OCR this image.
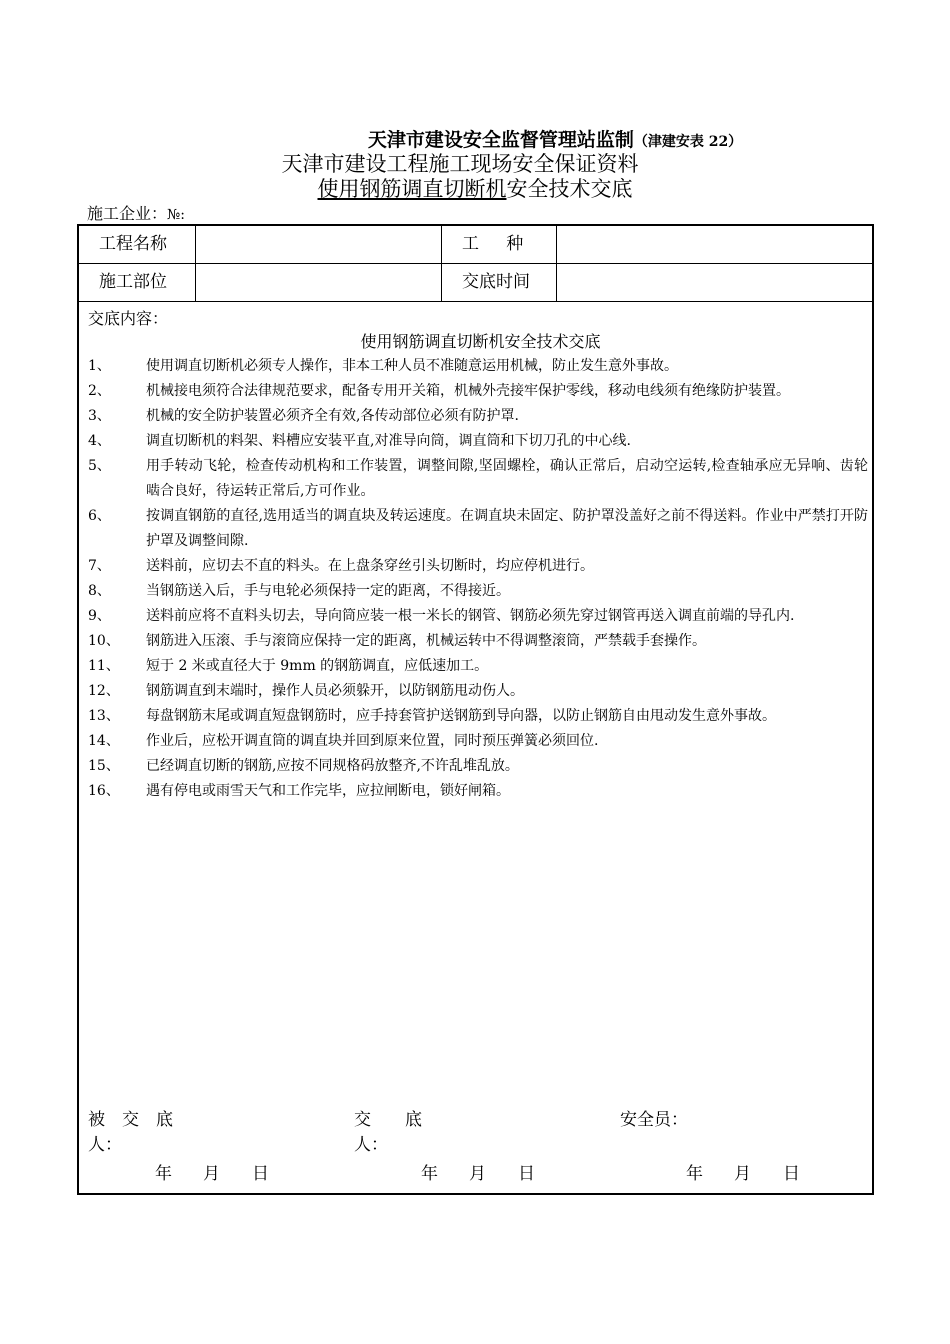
天津市建设安全监督管理站监制（津建安表 22）
天津市建设工程施工现场安全保证资料
使用钢筋调直切断机安全技术交底
施工企业：№:
工程名称	工种
施工部位	交底时间
交底内容：
使用钢筋调直切断机安全技术交底
1、	使用调直切断机必须专人操作，非本工种人员不准随意运用机械，防止发生意外事故。
2、	机械接电须符合法律规范要求，配备专用开关箱，机械外壳接牢保护零线，移动电线须有绝缘防护装置。
3、	机械的安全防护装置必须齐全有效,各传动部位必须有防护罩.
4、	调直切断机的料架、料槽应安装平直,对准导向筒，调直筒和下切刀孔的中心线.
5、	用手转动飞轮，检查传动机构和工作装置，调整间隙,坚固螺栓，确认正常后，启动空运转,检查轴承应无异响、齿轮啮合良好，待运转正常后,方可作业。
6、	按调直钢筋的直径,选用适当的调直块及转运速度。在调直块未固定、防护罩没盖好之前不得送料。作业中严禁打开防护罩及调整间隙.
7、	送料前，应切去不直的料头。在上盘条穿丝引头切断时，均应停机进行。
8、	当钢筋送入后，手与电轮必须保持一定的距离，不得接近。
9、	送料前应将不直料头切去，导向筒应装一根一米长的钢管、钢筋必须先穿过钢管再送入调直前端的导孔内.
10、 钢筋进入压滚、手与滚筒应保持一定的距离，机械运转中不得调整滚筒，严禁载手套操作。
11、 短于 2 米或直径大于 9mm 的钢筋调直，应低速加工。
12、 钢筋调直到末端时，操作人员必须躲开，以防钢筋甩动伤人。
13、 每盘钢筋末尾或调直短盘钢筋时，应手持套管护送钢筋到导向器，以防止钢筋自由甩动发生意外事故。
14、 作业后，应松开调直筒的调直块并回到原来位置，同时预压弹簧必须回位.
15、 已经调直切断的钢筋,应按不同规格码放整齐,不许乱堆乱放。
16、 遇有停电或雨雪天气和工作完毕，应拉闸断电，锁好闸箱。
被　交　底　人：
交　　底　人：
安全员：
年 月 日	年 月 日	年 月 日
